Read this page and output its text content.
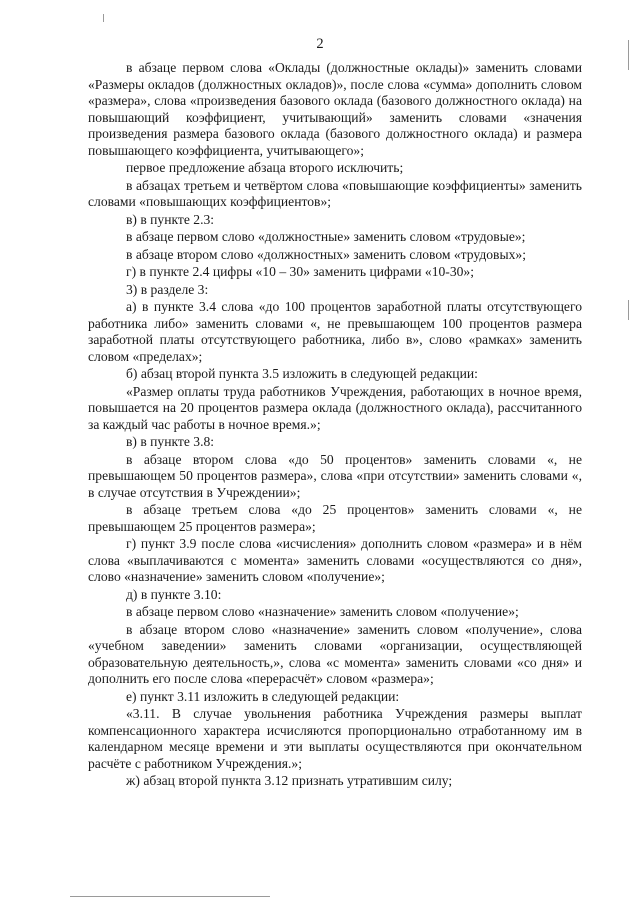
2

в абзаце первом слова «Оклады (должностные оклады)» заменить словами «Размеры окладов (должностных окладов)», после слова «сумма» дополнить словом «размера», слова «произведения базового оклада (базового должностного оклада) на повышающий коэффициент, учитывающий» заменить словами «значения произведения размера базового оклада (базового должностного оклада) и размера повышающего коэффициента, учитывающего»;

первое предложение абзаца второго исключить;

в абзацах третьем и четвёртом слова «повышающие коэффициенты» заменить словами «повышающих коэффициентов»;

в) в пункте 2.3:

в абзаце первом слово «должностные» заменить словом «трудовые»;

в абзаце втором слово «должностных» заменить словом «трудовых»;

г) в пункте 2.4 цифры «10 – 30» заменить цифрами «10-30»;

3) в разделе 3:

а) в пункте 3.4 слова «до 100 процентов заработной платы отсутствующего работника либо» заменить словами «, не превышающем 100 процентов размера заработной платы отсутствующего работника, либо в», слово «рамках» заменить словом «пределах»;

б) абзац второй пункта 3.5 изложить в следующей редакции:

«Размер оплаты труда работников Учреждения, работающих в ночное время, повышается на 20 процентов размера оклада (должностного оклада), рассчитанного за каждый час работы в ночное время.»;

в) в пункте 3.8:

в абзаце втором слова «до 50 процентов» заменить словами «, не превышающем 50 процентов размера», слова «при отсутствии» заменить словами «, в случае отсутствия в Учреждении»;

в абзаце третьем слова «до 25 процентов» заменить словами «, не превышающем 25 процентов размера»;

г) пункт 3.9 после слова «исчисления» дополнить словом «размера» и в нём слова «выплачиваются с момента» заменить словами «осуществляются со дня», слово «назначение» заменить словом «получение»;

д) в пункте 3.10:

в абзаце первом слово «назначение» заменить словом «получение»;

в абзаце втором слово «назначение» заменить словом «получение», слова «учебном заведении» заменить словами «организации, осуществляющей образовательную деятельность,», слова «с момента» заменить словами «со дня» и дополнить его после слова «перерасчёт» словом «размера»;

е) пункт 3.11 изложить в следующей редакции:

«3.11. В случае увольнения работника Учреждения размеры выплат компенсационного характера исчисляются пропорционально отработанному им в календарном месяце времени и эти выплаты осуществляются при окончательном расчёте с работником Учреждения.»;

ж) абзац второй пункта 3.12 признать утратившим силу;
